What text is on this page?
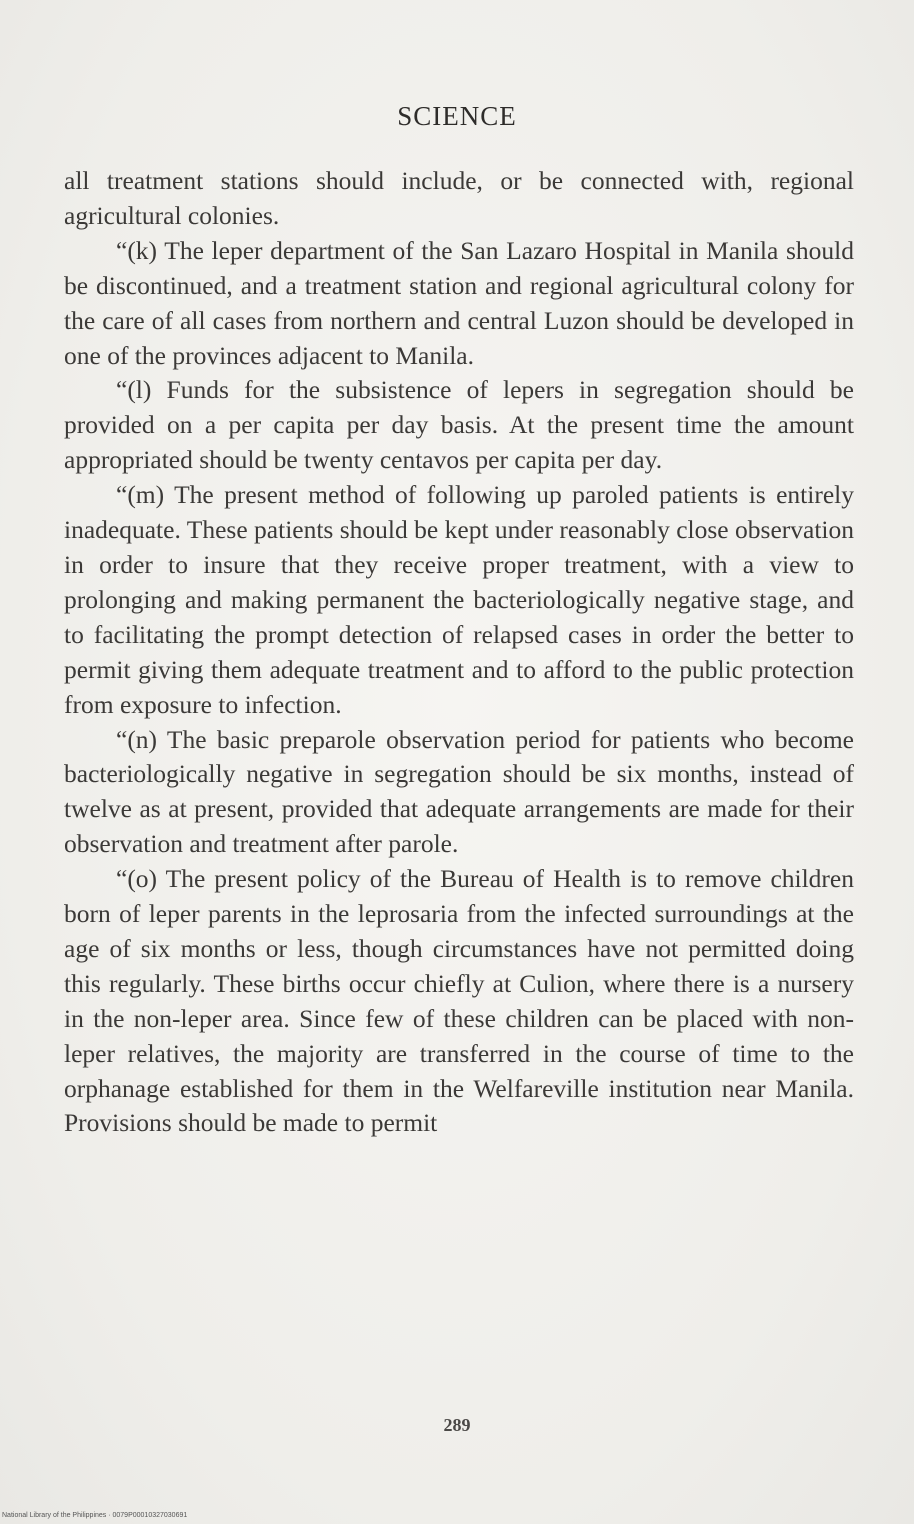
SCIENCE

all treatment stations should include, or be connected with, regional agricultural colonies.

“(k) The leper department of the San Lazaro Hospital in Manila should be discontinued, and a treatment station and regional agricultural colony for the care of all cases from northern and central Luzon should be developed in one of the provinces adjacent to Manila.

“(l) Funds for the subsistence of lepers in segregation should be provided on a per capita per day basis. At the present time the amount appropriated should be twenty centavos per capita per day.

“(m) The present method of following up paroled patients is entirely inadequate. These patients should be kept under reasonably close observation in order to insure that they receive proper treatment, with a view to prolonging and making permanent the bacteriologically negative stage, and to facilitating the prompt detection of relapsed cases in order the better to permit giving them adequate treatment and to afford to the public protection from exposure to infection.

“(n) The basic preparole observation period for patients who become bacteriologically negative in segregation should be six months, instead of twelve as at present, provided that adequate arrangements are made for their observation and treatment after parole.

“(o) The present policy of the Bureau of Health is to remove children born of leper parents in the leprosaria from the infected surroundings at the age of six months or less, though circumstances have not permitted doing this regularly. These births occur chiefly at Culion, where there is a nursery in the non-leper area. Since few of these children can be placed with non-leper relatives, the majority are transferred in the course of time to the orphanage established for them in the Welfareville institution near Manila. Provisions should be made to permit

289
National Library of the Philippines · 0079P00010327030691
